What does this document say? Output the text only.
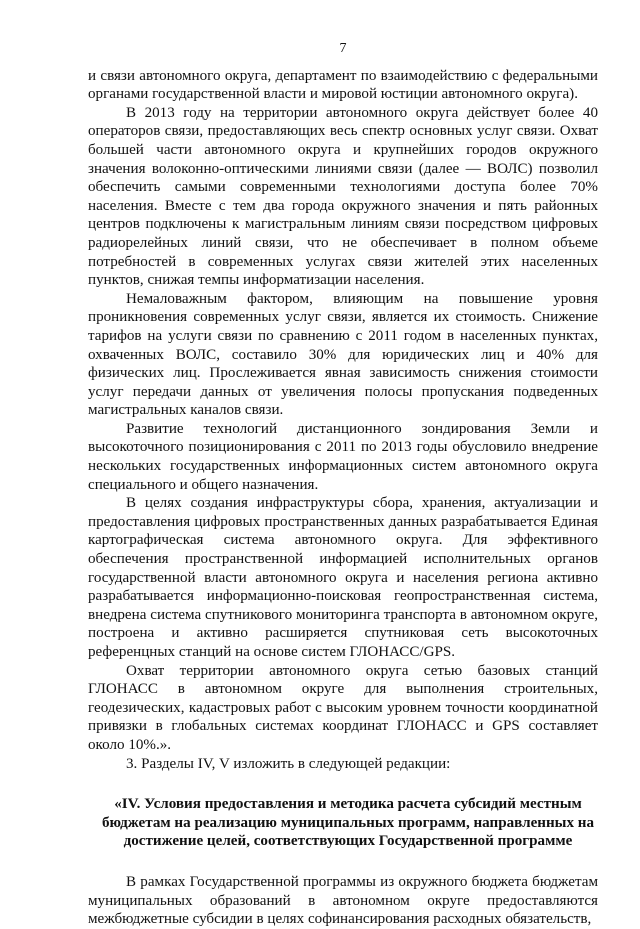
7

и связи автономного округа, департамент по взаимодействию с федеральными органами государственной власти и мировой юстиции автономного округа).

В 2013 году на территории автономного округа действует более 40 операторов связи, предоставляющих весь спектр основных услуг связи. Охват большей части автономного округа и крупнейших городов окружного значения волоконно-оптическими линиями связи (далее — ВОЛС) позволил обеспечить самыми современными технологиями доступа более 70% населения. Вместе с тем два города окружного значения и пять районных центров подключены к магистральным линиям связи посредством цифровых радиорелейных линий связи, что не обеспечивает в полном объеме потребностей в современных услугах связи жителей этих населенных пунктов, снижая темпы информатизации населения.

Немаловажным фактором, влияющим на повышение уровня проникновения современных услуг связи, является их стоимость. Снижение тарифов на услуги связи по сравнению с 2011 годом в населенных пунктах, охваченных ВОЛС, составило 30% для юридических лиц и 40% для физических лиц. Прослеживается явная зависимость снижения стоимости услуг передачи данных от увеличения полосы пропускания подведенных магистральных каналов связи.

Развитие технологий дистанционного зондирования Земли и высокоточного позиционирования с 2011 по 2013 годы обусловило внедрение нескольких государственных информационных систем автономного округа специального и общего назначения.

В целях создания инфраструктуры сбора, хранения, актуализации и предоставления цифровых пространственных данных разрабатывается Единая картографическая система автономного округа. Для эффективного обеспечения пространственной информацией исполнительных органов государственной власти автономного округа и населения региона активно разрабатывается информационно-поисковая геопространственная система, внедрена система спутникового мониторинга транспорта в автономном округе, построена и активно расширяется спутниковая сеть высокоточных референцных станций на основе систем ГЛОНАСС/GPS.

Охват территории автономного округа сетью базовых станций ГЛОНАСС в автономном округе для выполнения строительных, геодезических, кадастровых работ с высоким уровнем точности координатной привязки в глобальных системах координат ГЛОНАСС и GPS составляет около 10%.».

3. Разделы IV, V изложить в следующей редакции:

«IV. Условия предоставления и методика расчета субсидий местным бюджетам на реализацию муниципальных программ, направленных на достижение целей, соответствующих Государственной программе

В рамках Государственной программы из окружного бюджета бюджетам муниципальных образований в автономном округе предоставляются межбюджетные субсидии в целях софинансирования расходных обязательств,
